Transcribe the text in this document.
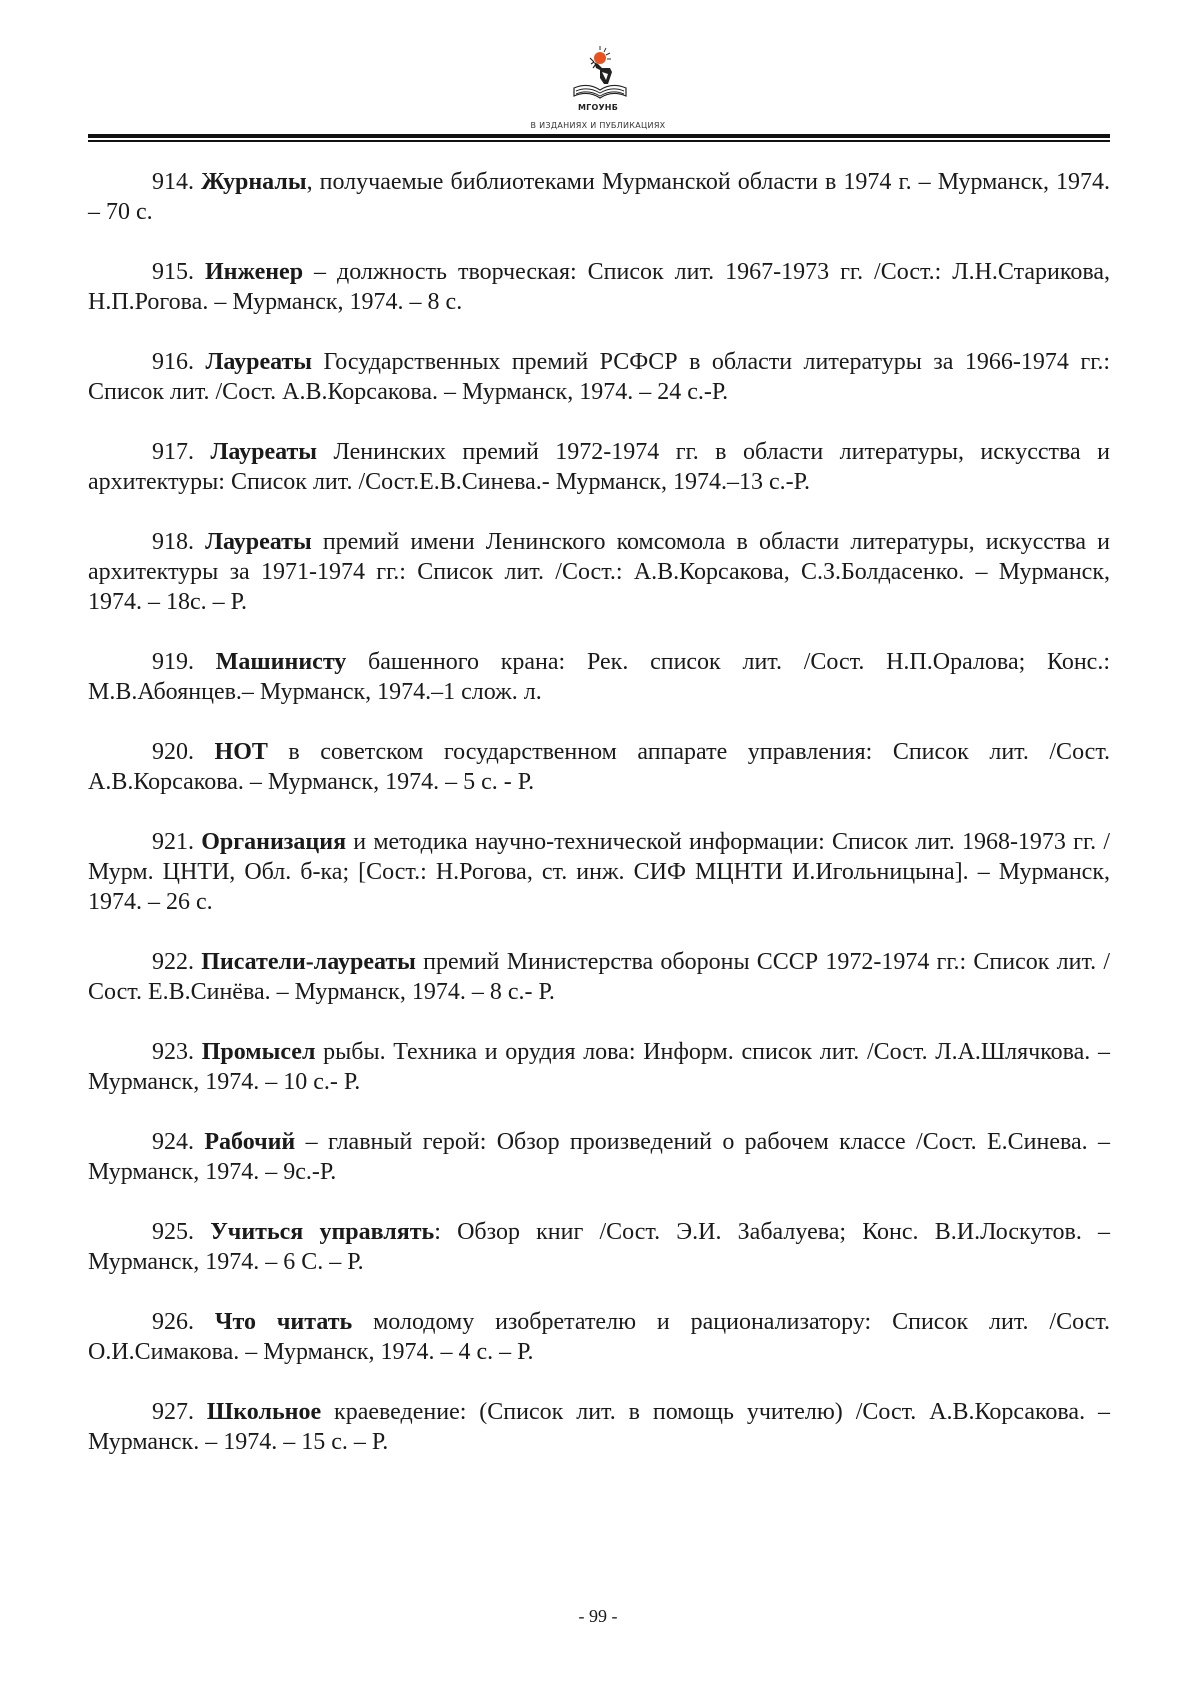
МГОУНБ
В ИЗДАНИЯХ И ПУБЛИКАЦИЯХ

914. Журналы, получаемые библиотеками Мурманской области в 1974 г. – Мурманск, 1974. – 70 с.

915. Инженер – должность творческая: Список лит. 1967-1973 гг. /Сост.: Л.Н.Старикова, Н.П.Рогова. – Мурманск, 1974. – 8 с.

916. Лауреаты Государственных премий РСФСР в области литературы за 1966-1974 гг.: Список лит. /Сост. А.В.Корсакова. – Мурманск, 1974. – 24 с.-Р.

917. Лауреаты Ленинских премий 1972-1974 гг. в области литературы, искусства и архитектуры: Список лит. /Сост.Е.В.Синева.- Мурманск, 1974.–13 с.-Р.

918. Лауреаты премий имени Ленинского комсомола в области литературы, искусства и архитектуры за 1971-1974 гг.: Список лит. /Сост.: А.В.Корсакова, С.З.Болдасенко. – Мурманск, 1974. – 18с. – Р.

919. Машинисту башенного крана: Рек. список лит. /Сост. Н.П.Оралова; Конс.: М.В.Абоянцев.– Мурманск, 1974.–1 слож. л.

920. НОТ в советском государственном аппарате управления: Список лит. /Сост. А.В.Корсакова. – Мурманск, 1974. – 5 с. - Р.

921. Организация и методика научно-технической информации: Список лит. 1968-1973 гг. /Мурм. ЦНТИ, Обл. б-ка; [Сост.: Н.Рогова, ст. инж. СИФ МЦНТИ И.Игольницына]. – Мурманск, 1974. – 26 с.

922. Писатели-лауреаты премий Министерства обороны СССР 1972-1974 гг.: Список лит. /Сост. Е.В.Синёва. – Мурманск, 1974. – 8 с.- Р.

923. Промысел рыбы. Техника и орудия лова: Информ. список лит. /Сост. Л.А.Шлячкова. – Мурманск, 1974. – 10 с.- Р.

924. Рабочий – главный герой: Обзор произведений о рабочем классе /Сост. Е.Синева. – Мурманск, 1974. – 9с.-Р.

925. Учиться управлять: Обзор книг /Сост. Э.И. Забалуева; Конс. В.И.Лоскутов. – Мурманск, 1974. – 6 С. – Р.

926. Что читать молодому изобретателю и рационализатору: Список лит. /Сост. О.И.Симакова. – Мурманск, 1974. – 4 с. – Р.

927. Школьное краеведение: (Список лит. в помощь учителю) /Сост. А.В.Корсакова. – Мурманск. – 1974. – 15 с. – Р.

- 99 -
